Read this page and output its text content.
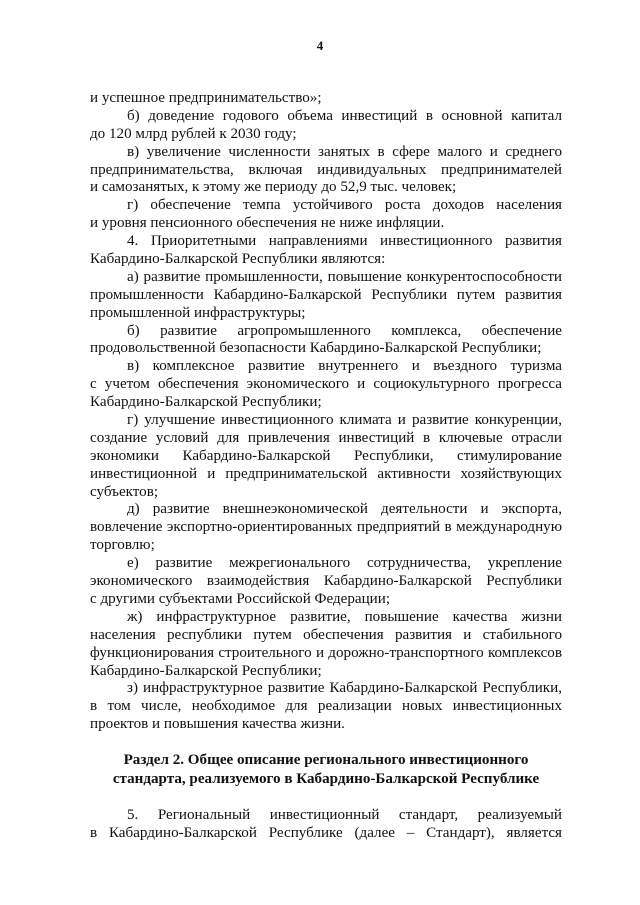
4
и успешное предпринимательство»;
б) доведение годового объема инвестиций в основной капитал
до 120 млрд рублей к 2030 году;
в) увеличение численности занятых в сфере малого и среднего
предпринимательства, включая индивидуальных предпринимателей
и самозанятых, к этому же периоду до 52,9 тыс. человек;
г) обеспечение темпа устойчивого роста доходов населения
и уровня пенсионного обеспечения не ниже инфляции.
4. Приоритетными направлениями инвестиционного развития
Кабардино-Балкарской Республики являются:
а) развитие промышленности, повышение конкурентоспособности
промышленности Кабардино-Балкарской Республики путем развития
промышленной инфраструктуры;
б) развитие агропромышленного комплекса, обеспечение
продовольственной безопасности Кабардино-Балкарской Республики;
в) комплексное развитие внутреннего и въездного туризма
с учетом обеспечения экономического и социокультурного прогресса
Кабардино-Балкарской Республики;
г) улучшение инвестиционного климата и развитие конкуренции,
создание условий для привлечения инвестиций в ключевые отрасли
экономики Кабардино-Балкарской Республики, стимулирование
инвестиционной и предпринимательской активности хозяйствующих
субъектов;
д) развитие внешнеэкономической деятельности и экспорта,
вовлечение экспортно-ориентированных предприятий в международную
торговлю;
е) развитие межрегионального сотрудничества, укрепление
экономического взаимодействия Кабардино-Балкарской Республики
с другими субъектами Российской Федерации;
ж) инфраструктурное развитие, повышение качества жизни
населения республики путем обеспечения развития и стабильного
функционирования строительного и дорожно-транспортного комплексов
Кабардино-Балкарской Республики;
з) инфраструктурное развитие Кабардино-Балкарской Республики,
в том числе, необходимое для реализации новых инвестиционных
проектов и повышения качества жизни.
Раздел 2. Общее описание регионального инвестиционного
стандарта, реализуемого в Кабардино-Балкарской Республике
5. Региональный инвестиционный стандарт, реализуемый
в Кабардино-Балкарской Республике (далее – Стандарт), является
